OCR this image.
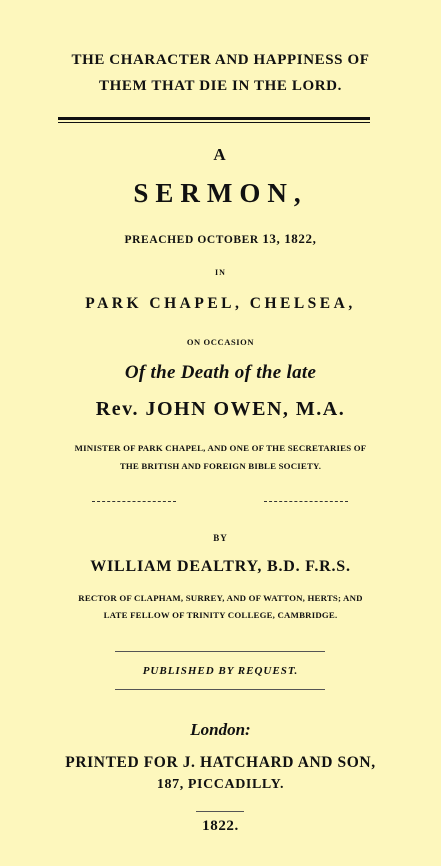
THE CHARACTER AND HAPPINESS OF
THEM THAT DIE IN THE LORD.
A
SERMON,
PREACHED OCTOBER 13, 1822,
IN
PARK CHAPEL, CHELSEA,
ON OCCASION
Of the Death of the late
Rev. JOHN OWEN, M.A.
MINISTER OF PARK CHAPEL, AND ONE OF THE SECRETARIES OF
THE BRITISH AND FOREIGN BIBLE SOCIETY.
BY
WILLIAM DEALTRY, B.D. F.R.S.
RECTOR OF CLAPHAM, SURREY, AND OF WATTON, HERTS; AND
LATE FELLOW OF TRINITY COLLEGE, CAMBRIDGE.
PUBLISHED BY REQUEST.
London:
PRINTED FOR J. HATCHARD AND SON,
187, PICCADILLY.
1822.
